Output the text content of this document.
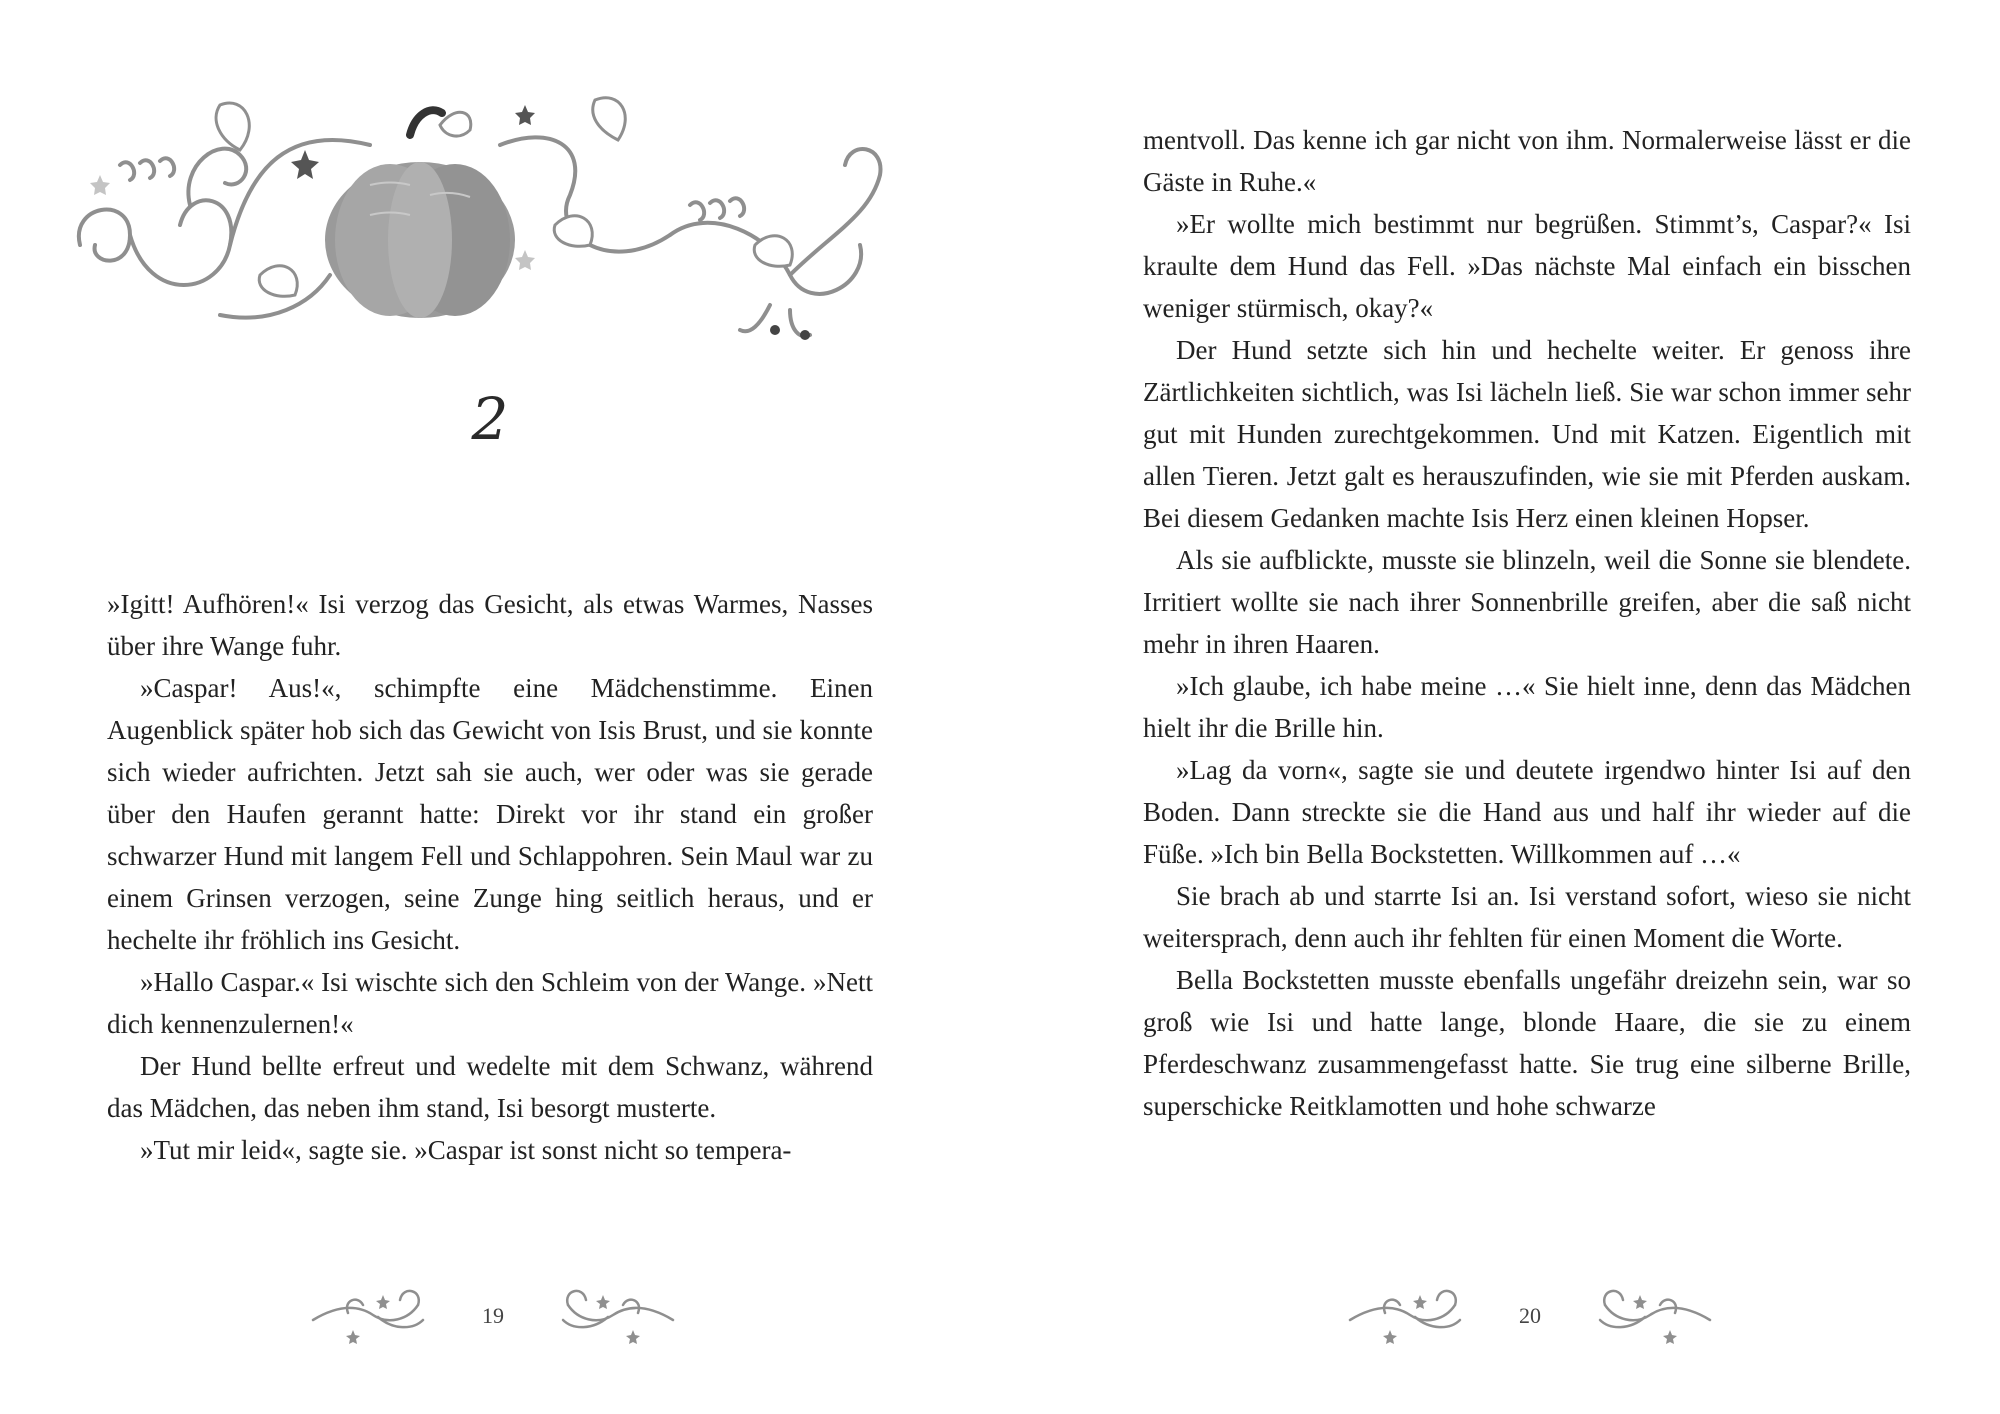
2

»Igitt! Aufhören!« Isi verzog das Gesicht, als etwas Warmes, Nasses über ihre Wange fuhr.

»Caspar! Aus!«, schimpfte eine Mädchenstimme. Einen Augenblick später hob sich das Gewicht von Isis Brust, und sie konnte sich wieder aufrichten. Jetzt sah sie auch, wer oder was sie gerade über den Haufen gerannt hatte: Direkt vor ihr stand ein großer schwarzer Hund mit langem Fell und Schlappohren. Sein Maul war zu einem Grinsen verzogen, seine Zunge hing seitlich heraus, und er hechelte ihr fröhlich ins Gesicht.

»Hallo Caspar.« Isi wischte sich den Schleim von der Wange. »Nett dich kennenzulernen!«

Der Hund bellte erfreut und wedelte mit dem Schwanz, während das Mädchen, das neben ihm stand, Isi besorgt musterte.

»Tut mir leid«, sagte sie. »Caspar ist sonst nicht so tempera-

19

mentvoll. Das kenne ich gar nicht von ihm. Normalerweise lässt er die Gäste in Ruhe.«

»Er wollte mich bestimmt nur begrüßen. Stimmt’s, Caspar?« Isi kraulte dem Hund das Fell. »Das nächste Mal einfach ein bisschen weniger stürmisch, okay?«

Der Hund setzte sich hin und hechelte weiter. Er genoss ihre Zärtlichkeiten sichtlich, was Isi lächeln ließ. Sie war schon immer sehr gut mit Hunden zurechtgekommen. Und mit Katzen. Eigentlich mit allen Tieren. Jetzt galt es herauszufinden, wie sie mit Pferden auskam. Bei diesem Gedanken machte Isis Herz einen kleinen Hopser.

Als sie aufblickte, musste sie blinzeln, weil die Sonne sie blendete. Irritiert wollte sie nach ihrer Sonnenbrille greifen, aber die saß nicht mehr in ihren Haaren.

»Ich glaube, ich habe meine …« Sie hielt inne, denn das Mädchen hielt ihr die Brille hin.

»Lag da vorn«, sagte sie und deutete irgendwo hinter Isi auf den Boden. Dann streckte sie die Hand aus und half ihr wieder auf die Füße. »Ich bin Bella Bockstetten. Willkommen auf …«

Sie brach ab und starrte Isi an. Isi verstand sofort, wieso sie nicht weitersprach, denn auch ihr fehlten für einen Moment die Worte.

Bella Bockstetten musste ebenfalls ungefähr dreizehn sein, war so groß wie Isi und hatte lange, blonde Haare, die sie zu einem Pferdeschwanz zusammengefasst hatte. Sie trug eine silberne Brille, superschicke Reitklamotten und hohe schwarze

20
